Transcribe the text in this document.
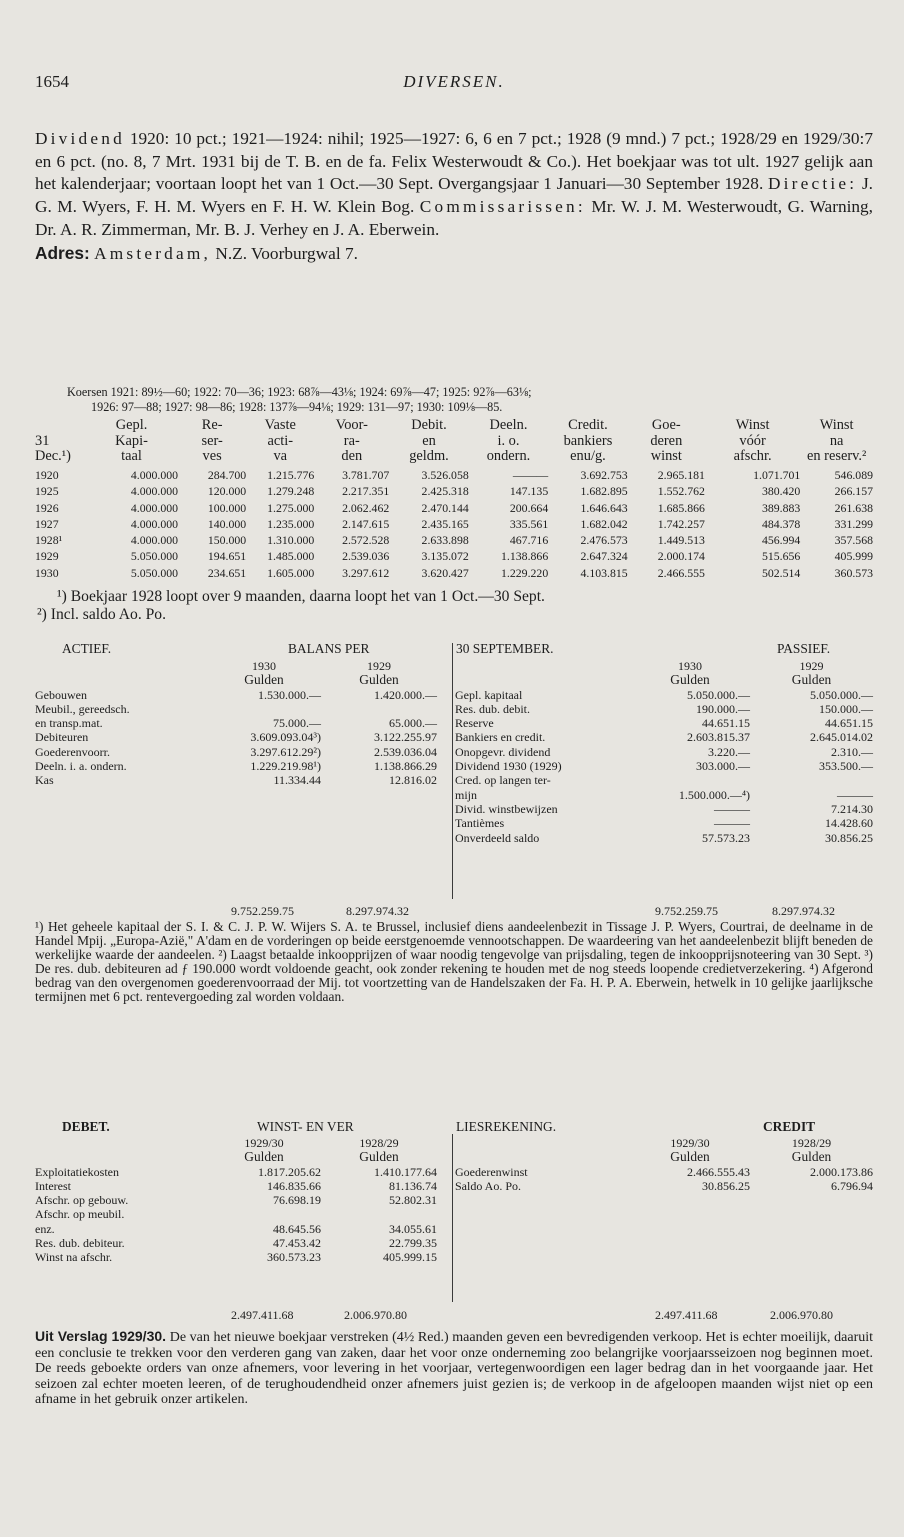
1654	DIVERSEN.
Dividend 1920: 10 pct.; 1921—1924: nihil; 1925—1927: 6, 6 en 7 pct.; 1928 (9 mnd.) 7 pct.; 1928/29 en 1929/30:7 en 6 pct. (no. 8, 7 Mrt. 1931 bij de T. B. en de fa. Felix Westerwoudt & Co.). Het boekjaar was tot ult. 1927 gelijk aan het kalenderjaar; voortaan loopt het van 1 Oct.—30 Sept. Overgangsjaar 1 Januari—30 September 1928. Directie: J. G. M. Wyers, F. H. M. Wyers en F. H. W. Klein Bog. Commissarissen: Mr. W. J. M. Westerwoudt, G. Warning, Dr. A. R. Zimmerman, Mr. B. J. Verhey en J. A. Eberwein.
Adres: Amsterdam, N.Z. Voorburgwal 7.
Koersen 1921: 89½—60; 1922: 70—36; 1923: 68⅞—43⅛; 1924: 69⅞—47; 1925: 92⅞—63⅛;
1926: 97—88; 1927: 98—86; 1928: 137⅞—94⅛; 1929: 131—97; 1930: 109⅛—85.
	Gepl.	Re-	Vaste	Voor-	Debit.	Deeln.	Credit.	Goe-	Winst	Winst
31	Kapi-	ser-	acti-	ra-	en	i. o.	bankiers	deren	vóór	na
Dec.¹)	taal	ves	va	den	geldm.	ondern.	enu/g.	winst	afschr.	en reserv.²
1920	4.000.000	284.700	1.215.776	3.781.707	3.526.058	———	3.692.753	2.965.181	1.071.701	546.089
1925	4.000.000	120.000	1.279.248	2.217.351	2.425.318	147.135	1.682.895	1.552.762	380.420	266.157
1926	4.000.000	100.000	1.275.000	2.062.462	2.470.144	200.664	1.646.643	1.685.866	389.883	261.638
1927	4.000.000	140.000	1.235.000	2.147.615	2.435.165	335.561	1.682.042	1.742.257	484.378	331.299
1928¹	4.000.000	150.000	1.310.000	2.572.528	2.633.898	467.716	2.476.573	1.449.513	456.994	357.568
1929	5.050.000	194.651	1.485.000	2.539.036	3.135.072	1.138.866	2.647.324	2.000.174	515.656	405.999
1930	5.050.000	234.651	1.605.000	3.297.612	3.620.427	1.229.220	4.103.815	2.466.555	502.514	360.573
¹) Boekjaar 1928 loopt over 9 maanden, daarna loopt het van 1 Oct.—30 Sept.
²) Incl. saldo Ao. Po.
ACTIEF.	BALANS PER	30 SEPTEMBER.	PASSIEF.
	1930	1929
	Gulden	Gulden
Gebouwen	1.530.000.—	1.420.000.—
Meubil., gereedsch.		
en transp.mat.	75.000.—	65.000.—
Debiteuren	3.609.093.04³)	3.122.255.97
Goederenvoorr.	3.297.612.29²)	2.539.036.04
Deeln. i. a. ondern.	1.229.219.98¹)	1.138.866.29
Kas	11.334.44	12.816.02
	1930	1929
	Gulden	Gulden
Gepl. kapitaal	5.050.000.—	5.050.000.—
Res. dub. debit.	190.000.—	150.000.—
Reserve	44.651.15	44.651.15
Bankiers en credit.	2.603.815.37	2.645.014.02
Onopgevr. dividend	3.220.—	2.310.—
Dividend 1930 (1929)	303.000.—	353.500.—
Cred. op langen ter-		
mijn	1.500.000.—⁴)	———
Divid. winstbewijzen	———	7.214.30
Tantièmes	———	14.428.60
Onverdeeld saldo	57.573.23	30.856.25
9.752.259.75	8.297.974.32	9.752.259.75	8.297.974.32
¹) Het geheele kapitaal der S. I. & C. J. P. W. Wijers S. A. te Brussel, inclusief diens aandeelenbezit in Tissage J. P. Wyers, Courtrai, de deelname in de Handel Mpij. „Europa-Azië," A'dam en de vorderingen op beide eerstgenoemde vennootschappen. De waardeering van het aandeelenbezit blijft beneden de werkelijke waarde der aandeelen. ²) Laagst betaalde inkoopprijzen of waar noodig tengevolge van prijsdaling, tegen de inkoopprijsnoteering van 30 Sept. ³) De res. dub. debiteuren ad ƒ 190.000 wordt voldoende geacht, ook zonder rekening te houden met de nog steeds loopende credietverzekering. ⁴) Afgerond bedrag van den overgenomen goederenvoorraad der Mij. tot voortzetting van de Handelszaken der Fa. H. P. A. Eberwein, hetwelk in 10 gelijke jaarlijksche termijnen met 6 pct. rentevergoeding zal worden voldaan.
DEBET.	WINST- EN VER	LIESREKENING.	CREDIT
	1929/30	1928/29
	Gulden	Gulden
Exploitatiekosten	1.817.205.62	1.410.177.64
Interest	146.835.66	81.136.74
Afschr. op gebouw.	76.698.19	52.802.31
Afschr. op meubil.		
enz.	48.645.56	34.055.61
Res. dub. debiteur.	47.453.42	22.799.35
Winst na afschr.	360.573.23	405.999.15
	1929/30	1928/29
	Gulden	Gulden
Goederenwinst	2.466.555.43	2.000.173.86
Saldo Ao. Po.	30.856.25	6.796.94
2.497.411.68	2.006.970.80	2.497.411.68	2.006.970.80
Uit Verslag 1929/30. De van het nieuwe boekjaar verstreken (4½ Red.) maanden geven een bevredigenden verkoop. Het is echter moeilijk, daaruit een conclusie te trekken voor den verderen gang van zaken, daar het voor onze onderneming zoo belangrijke voorjaarsseizoen nog beginnen moet. De reeds geboekte orders van onze afnemers, voor levering in het voorjaar, vertegenwoordigen een lager bedrag dan in het voorgaande jaar. Het seizoen zal echter moeten leeren, of de terughoudendheid onzer afnemers juist gezien is; de verkoop in de afgeloopen maanden wijst niet op een afname in het gebruik onzer artikelen.
